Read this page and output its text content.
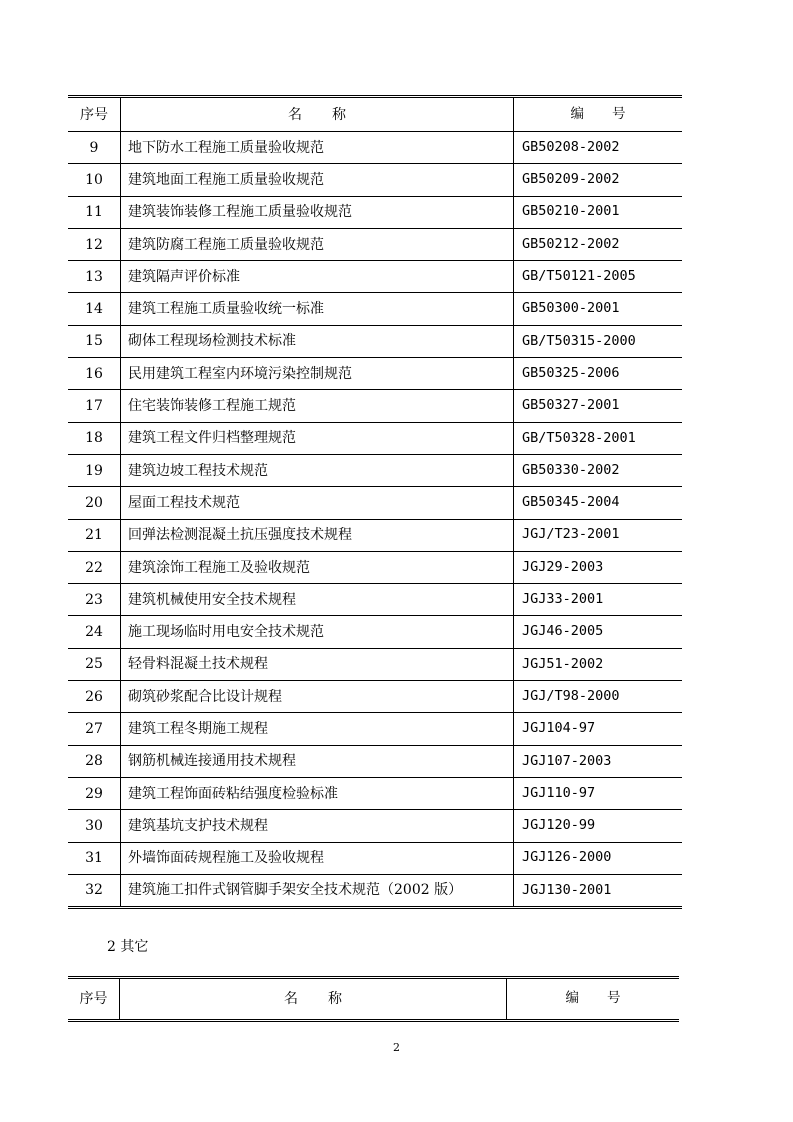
序号	名 称	编 号
9	地下防水工程施工质量验收规范	GB50208-2002
10	建筑地面工程施工质量验收规范	GB50209-2002
11	建筑装饰装修工程施工质量验收规范	GB50210-2001
12	建筑防腐工程施工质量验收规范	GB50212-2002
13	建筑隔声评价标准	GB/T50121-2005
14	建筑工程施工质量验收统一标准	GB50300-2001
15	砌体工程现场检测技术标准	GB/T50315-2000
16	民用建筑工程室内环境污染控制规范	GB50325-2006
17	住宅装饰装修工程施工规范	GB50327-2001
18	建筑工程文件归档整理规范	GB/T50328-2001
19	建筑边坡工程技术规范	GB50330-2002
20	屋面工程技术规范	GB50345-2004
21	回弹法检测混凝土抗压强度技术规程	JGJ/T23-2001
22	建筑涂饰工程施工及验收规范	JGJ29-2003
23	建筑机械使用安全技术规程	JGJ33-2001
24	施工现场临时用电安全技术规范	JGJ46-2005
25	轻骨料混凝土技术规程	JGJ51-2002
26	砌筑砂浆配合比设计规程	JGJ/T98-2000
27	建筑工程冬期施工规程	JGJ104-97
28	钢筋机械连接通用技术规程	JGJ107-2003
29	建筑工程饰面砖粘结强度检验标准	JGJ110-97
30	建筑基坑支护技术规程	JGJ120-99
31	外墙饰面砖规程施工及验收规程	JGJ126-2000
32	建筑施工扣件式钢管脚手架安全技术规范（2002 版）	JGJ130-2001
2 其它
序号	名 称	编 号
2
